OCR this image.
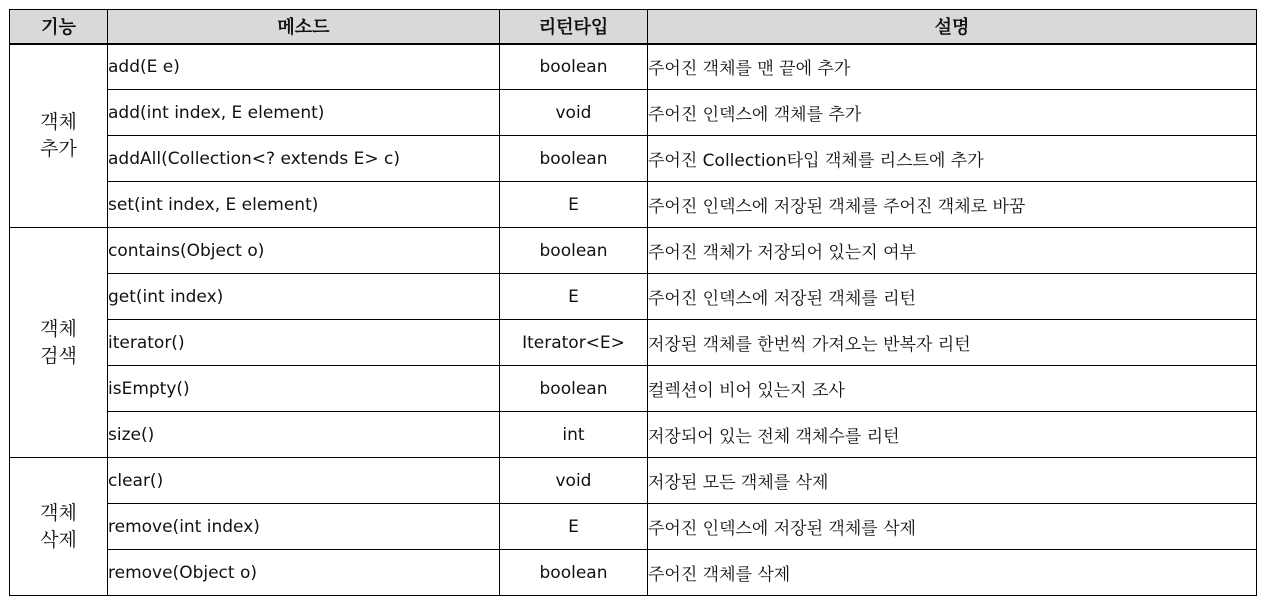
기능	메소드	리턴타입	설명

객체
추가	add(E e)	boolean	주어진 객체를 맨 끝에 추가
	add(int index, E element)	void	주어진 인덱스에 객체를 추가
	addAll(Collection<? extends E> c)	boolean	주어진 Collection타입 객체를 리스트에 추가
	set(int index, E element)	E	주어진 인덱스에 저장된 객체를 주어진 객체로 바꿈

객체
검색	contains(Object o)	boolean	주어진 객체가 저장되어 있는지 여부
	get(int index)	E	주어진 인덱스에 저장된 객체를 리턴
	iterator()	Iterator<E>	저장된 객체를 한번씩 가져오는 반복자 리턴
	isEmpty()	boolean	컬렉션이 비어 있는지 조사
	size()	int	저장되어 있는 전체 객체수를 리턴

객체
삭제	clear()	void	저장된 모든 객체를 삭제
	remove(int index)	E	주어진 인덱스에 저장된 객체를 삭제
	remove(Object o)	boolean	주어진 객체를 삭제
